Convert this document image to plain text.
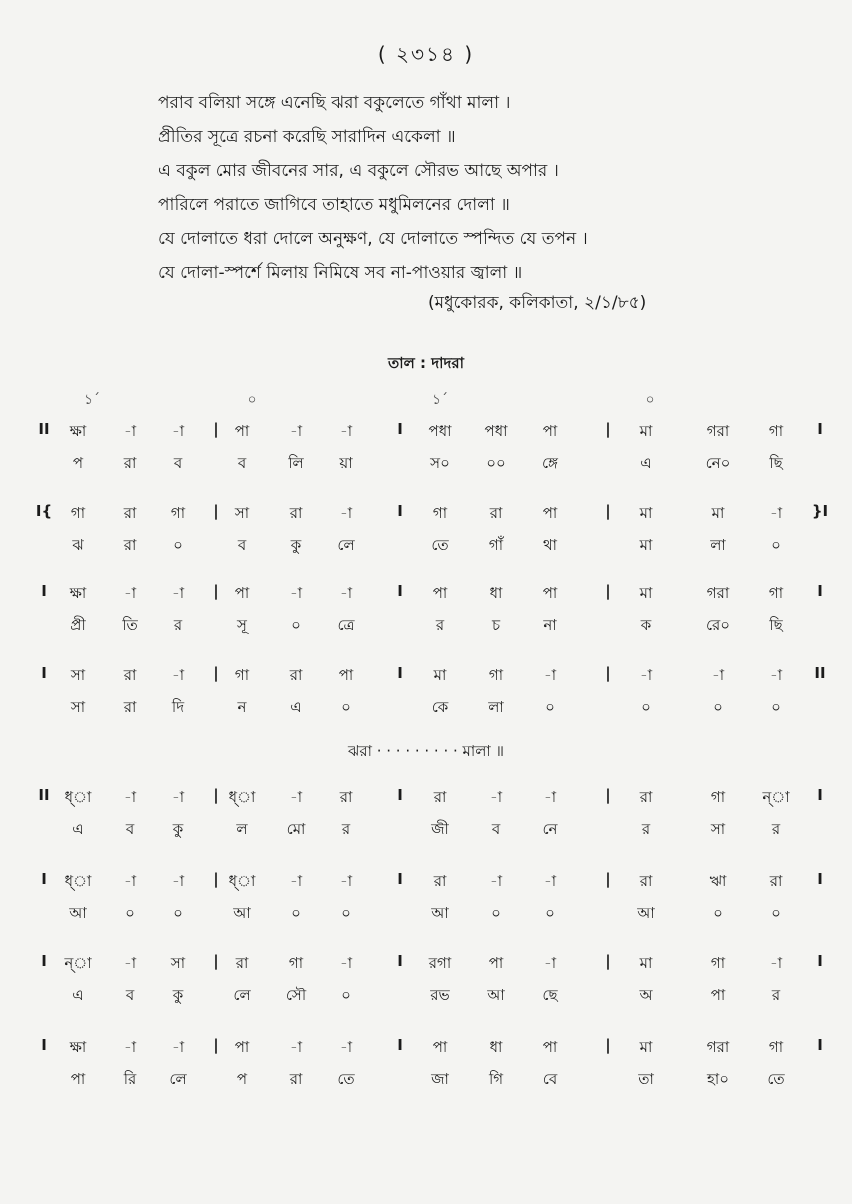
( ২৩১৪ )
পরাব বলিয়া সঙ্গে এনেছি ঝরা বকুলেতে গাঁথা মালা ।
প্রীতির সূত্রে রচনা করেছি সারাদিন একেলা ॥
এ বকুল মোর জীবনের সার, এ বকুলে সৌরভ আছে অপার ।
পারিলে পরাতে জাগিবে তাহাতে মধুমিলনের দোলা ॥
যে দোলাতে ধরা দোলে অনুক্ষণ, যে দোলাতে স্পন্দিত যে তপন ।
যে দোলা-স্পর্শে মিলায় নিমিষে সব না-পাওয়ার জ্বালা ॥
(মধুকোরক, কলিকাতা, ২/১/৮৫)
তাল : দাদরা
১´	০	১´	০
ঝরা · · · · · · · · · মালা ॥
II	|	I	|	I
ক্ষা	-া	-া	পা	-া	-া	পধা	পধা	পা	মা	গরা	গা
প	রা	ব	ব	লি	য়া	স০	০০	ঙ্গে	এ	নে০	ছি
I{	|	I	|	}I
গা	রা	গা	সা	রা	-া	গা	রা	পা	মা	মা	-া
ঝ	রা	০	ব	কু	লে	তে	গাঁ	থা	মা	লা	০
I	|	I	|	I
ক্ষা	-া	-া	পা	-া	-া	পা	ধা	পা	মা	গরা	গা
প্রী	তি	র	সূ	০	ত্রে	র	চ	না	ক	রে০	ছি
I	|	I	|	II
সা	রা	-া	গা	রা	পা	মা	গা	-া	-া	-া	-া
সা	রা	দি	ন	এ	০	কে	লা	০	০	০	০
II	|	I	|	I
ধ্া	-া	-া	ধ্া	-া	রা	রা	-া	-া	রা	গা	ন্া
এ	ব	কু	ল	মো	র	জী	ব	নে	র	সা	র
I	|	I	|	I
ধ্া	-া	-া	ধ্া	-া	-া	রা	-া	-া	রা	ঋা	রা
আ	০	০	আ	০	০	আ	০	০	আ	০	০
I	|	I	|	I
ন্া	-া	সা	রা	গা	-া	রগা	পা	-া	মা	গা	-া
এ	ব	কু	লে	সৌ	০	রভ	আ	ছে	অ	পা	র
I	|	I	|	I
ক্ষা	-া	-া	পা	-া	-া	পা	ধা	পা	মা	গরা	গা
পা	রি	লে	প	রা	তে	জা	গি	বে	তা	হা০	তে
